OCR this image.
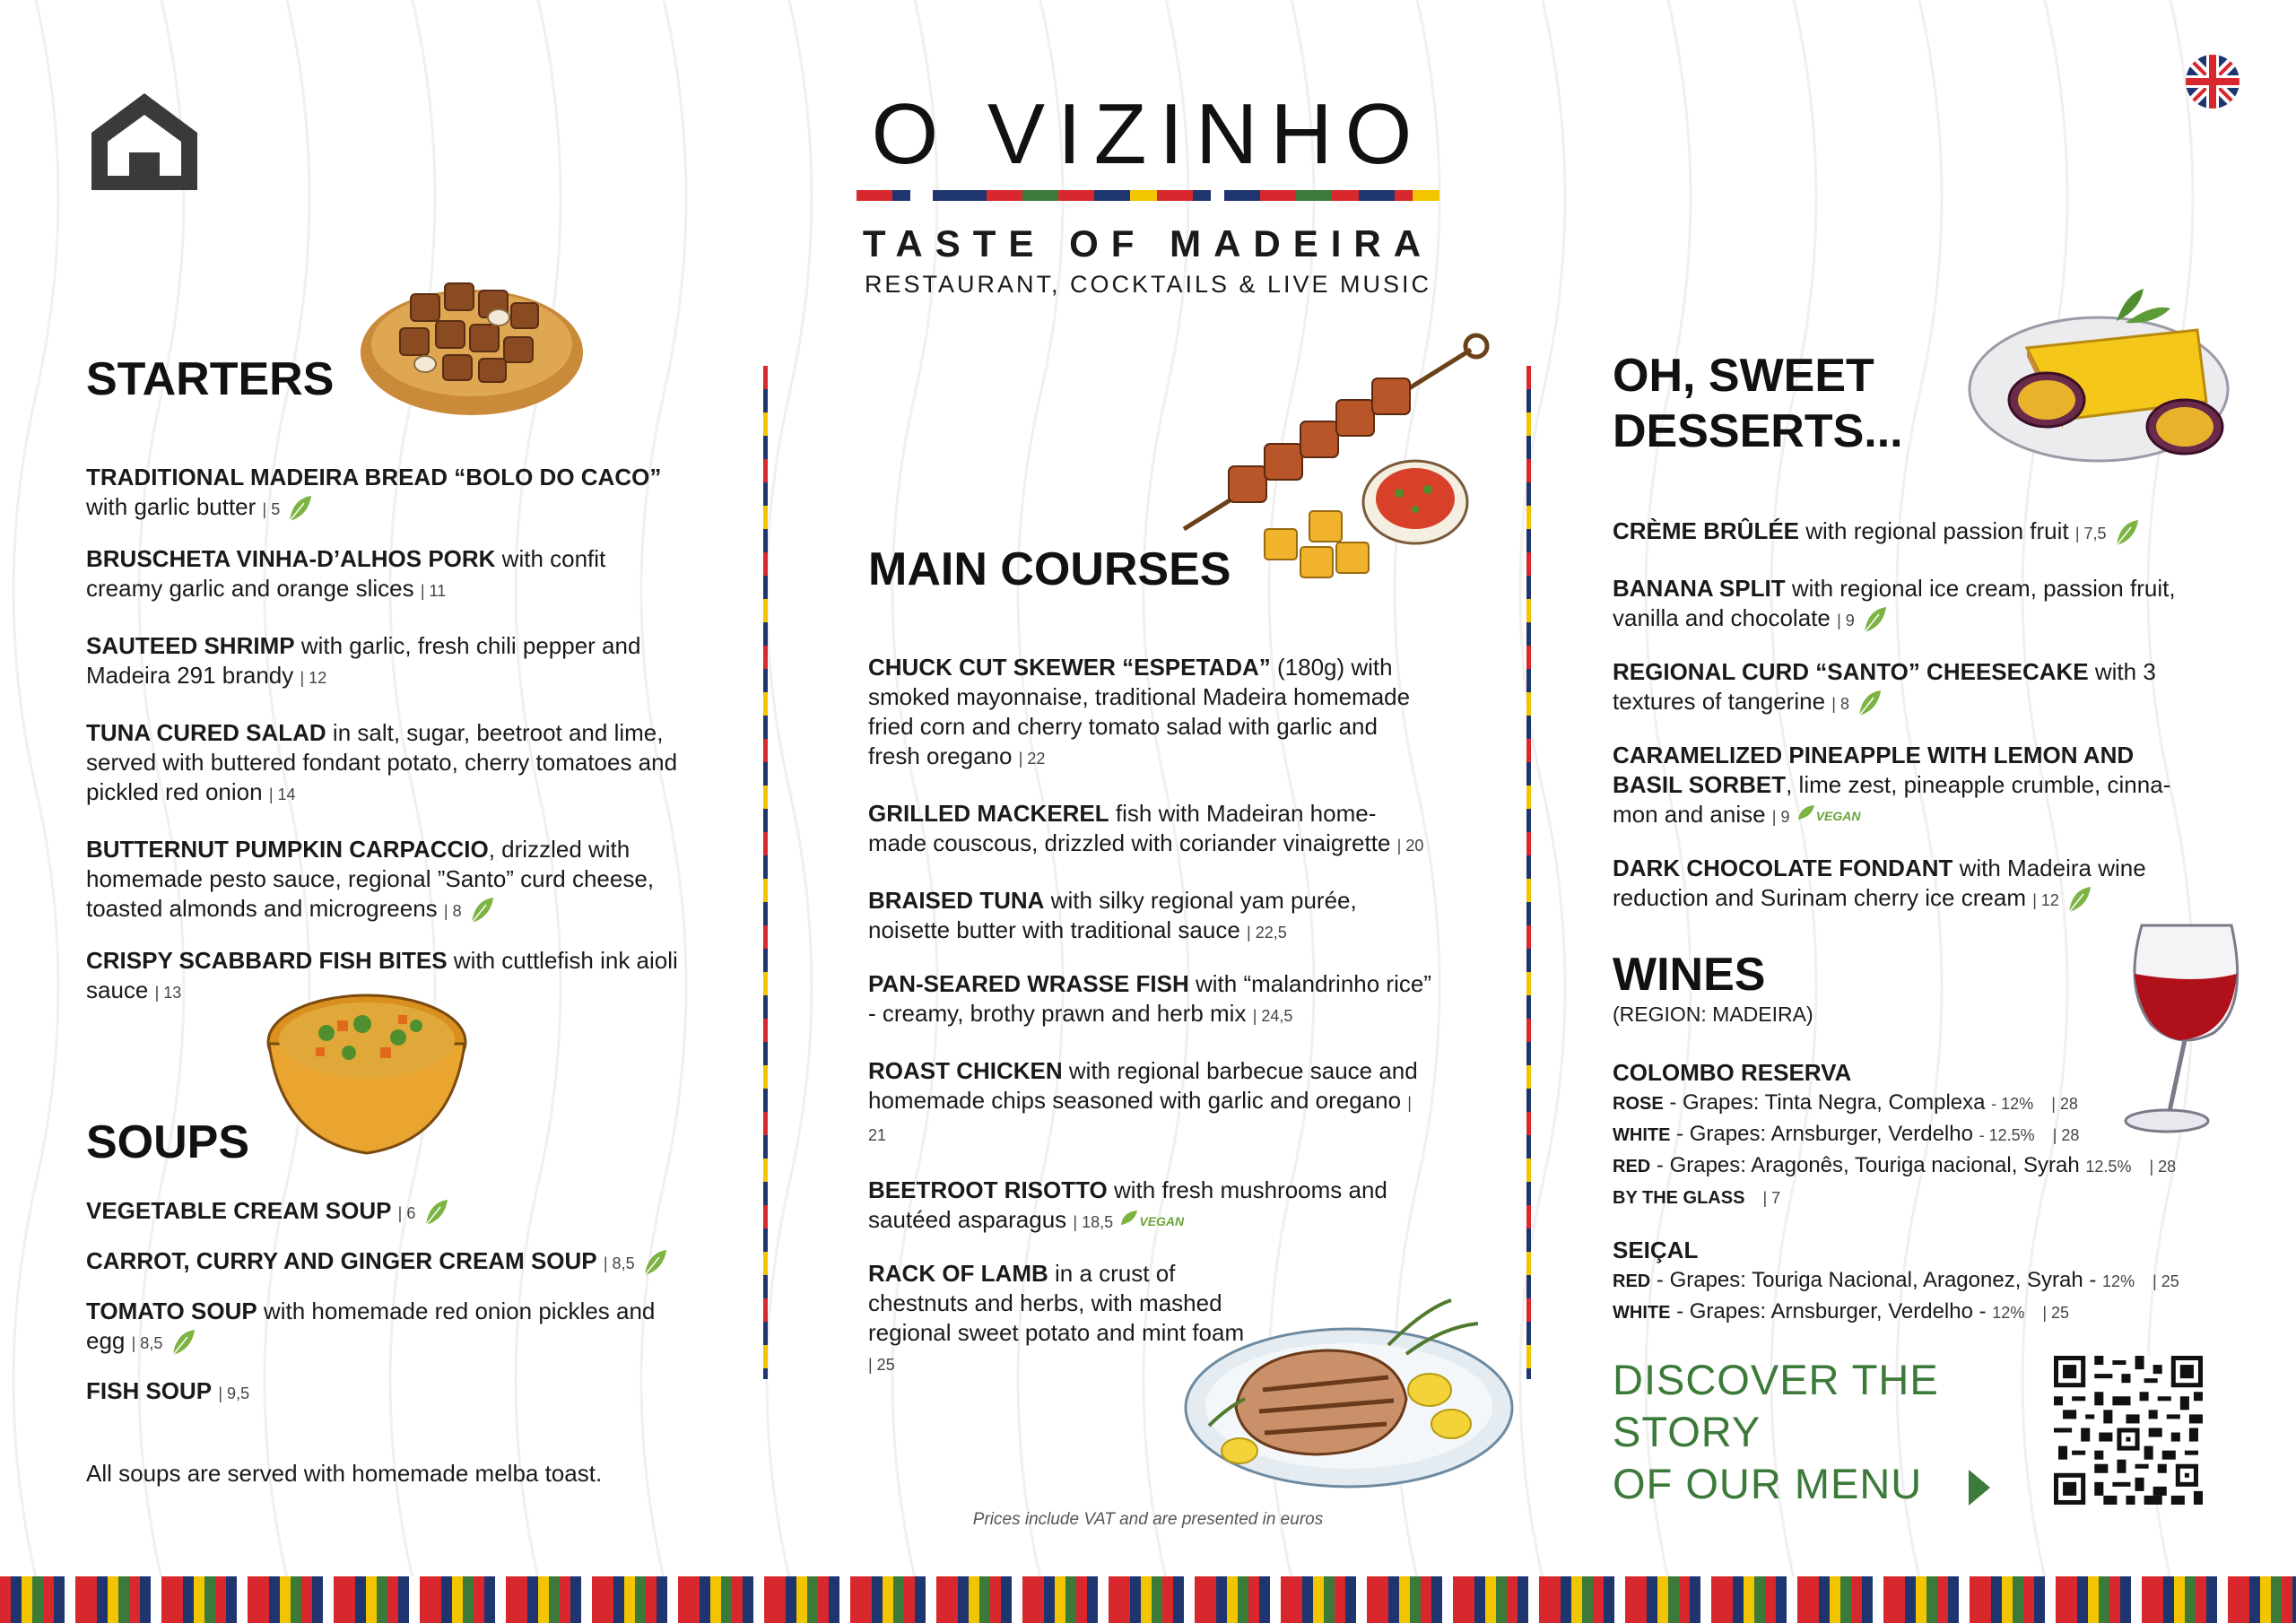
O VIZINHO
TASTE OF MADEIRA
RESTAURANT, COCKTAILS & LIVE MUSIC
STARTERS
TRADITIONAL MADEIRA BREAD “BOLO DO CACO” with garlic butter | 5
BRUSCHETA VINHA-D’ALHOS PORK with confit creamy garlic and orange slices | 11
SAUTEED SHRIMP with garlic, fresh chili pepper and Madeira 291 brandy | 12
TUNA CURED SALAD in salt, sugar, beetroot and lime, served with buttered fondant potato, cherry tomatoes and pickled red onion | 14
BUTTERNUT PUMPKIN CARPACCIO, drizzled with homemade pesto sauce, regional ”Santo” curd cheese, toasted almonds and microgreens | 8
CRISPY SCABBARD FISH BITES with cuttlefish ink aioli sauce | 13
SOUPS
VEGETABLE CREAM SOUP | 6
CARROT, CURRY AND GINGER CREAM SOUP | 8,5
TOMATO SOUP with homemade red onion pickles and egg | 8,5
FISH SOUP | 9,5
All soups are served with homemade melba toast.
MAIN COURSES
CHUCK CUT SKEWER “ESPETADA” (180g) with smoked mayonnaise, traditional Madeira homemade fried corn and cherry tomato salad with garlic and fresh oregano | 22
GRILLED MACKEREL fish with Madeiran home-made couscous, drizzled with coriander vinaigrette | 20
BRAISED TUNA with silky regional yam purée, noisette butter with traditional sauce | 22,5
PAN-SEARED WRASSE FISH with “malandrinho rice” - creamy, brothy prawn and herb mix | 24,5
ROAST CHICKEN with regional barbecue sauce and homemade chips seasoned with garlic and oregano | 21
BEETROOT RISOTTO with fresh mushrooms and sautéed asparagus | 18,5 VEGAN
RACK OF LAMB in a crust of chestnuts and herbs, with mashed regional sweet potato and mint foam | 25
Prices include VAT and are presented in euros
OH, SWEET
DESSERTS...
CRÈME BRÛLÉE with regional passion fruit | 7,5
BANANA SPLIT with regional ice cream, passion fruit, vanilla and chocolate | 9
REGIONAL CURD “SANTO” CHEESECAKE with 3 textures of tangerine | 8
CARAMELIZED PINEAPPLE WITH LEMON AND BASIL SORBET, lime zest, pineapple crumble, cinna-mon and anise | 9 VEGAN
DARK CHOCOLATE FONDANT with Madeira wine reduction and Surinam cherry ice cream | 12
WINES
(REGION: MADEIRA)
COLOMBO RESERVA
ROSE - Grapes: Tinta Negra, Complexa - 12% | 28
WHITE - Grapes: Arnsburger, Verdelho - 12.5% | 28
RED - Grapes: Aragonês, Touriga nacional, Syrah 12.5% | 28
BY THE GLASS | 7
SEIÇAL
RED - Grapes: Touriga Nacional, Aragonez, Syrah - 12% | 25
WHITE - Grapes: Arnsburger, Verdelho - 12% | 25
DISCOVER THE
STORY
OF OUR MENU
